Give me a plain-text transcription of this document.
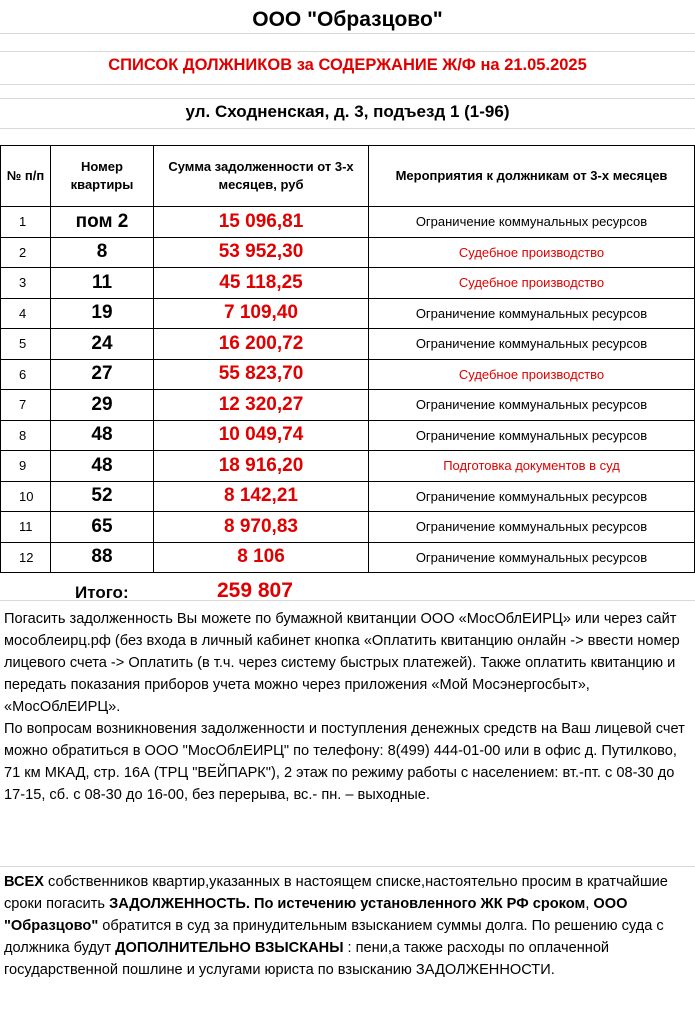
ООО "Образцово"
СПИСОК ДОЛЖНИКОВ за СОДЕРЖАНИЕ Ж/Ф на 21.05.2025
ул. Сходненская, д. 3, подъезд 1 (1-96)
№ п/п	Номер квартиры	Сумма задолженности от 3-х месяцев, руб	Мероприятия к должникам от 3-х месяцев
1	пом 2	15 096,81	Ограничение коммунальных ресурсов
2	8	53 952,30	Судебное производство
3	11	45 118,25	Судебное производство
4	19	7 109,40	Ограничение коммунальных ресурсов
5	24	16 200,72	Ограничение коммунальных ресурсов
6	27	55 823,70	Судебное производство
7	29	12 320,27	Ограничение коммунальных ресурсов
8	48	10 049,74	Ограничение коммунальных ресурсов
9	48	18 916,20	Подготовка документов в суд
10	52	8 142,21	Ограничение коммунальных ресурсов
11	65	8 970,83	Ограничение коммунальных ресурсов
12	88	8 106	Ограничение коммунальных ресурсов
Итого:	259 807

Погасить задолженность Вы можете по бумажной квитанции ООО «МосОблЕИРЦ» или через сайт мособлеирц.рф (без входа в личный кабинет кнопка «Оплатить квитанцию онлайн -> ввести номер лицевого счета -> Оплатить (в т.ч. через систему быстрых платежей). Также оплатить квитанцию и передать показания приборов учета можно через приложения «Мой Мосэнергосбыт», «МосОблЕИРЦ».

По вопросам возникновения задолженности и поступления денежных средств на Ваш лицевой счет можно обратиться в ООО "МосОблЕИРЦ" по телефону: 8(499) 444-01-00 или в офис д. Путилково, 71 км МКАД, стр. 16А (ТРЦ "ВЕЙПАРК"), 2 этаж по режиму работы с населением: вт.-пт. с 08-30 до 17-15, сб. с 08-30 до 16-00, без перерыва, вс.- пн. – выходные.

ВСЕХ собственников квартир,указанных в настоящем списке,настоятельно просим в кратчайшие сроки погасить ЗАДОЛЖЕННОСТЬ. По истечению установленного ЖК РФ сроком, ООО "Образцово" обратится в суд за принудительным взысканием суммы долга. По решению суда с должника будут ДОПОЛНИТЕЛЬНО ВЗЫСКАНЫ : пени,а также расходы по оплаченной государственной пошлине и услугами юриста по взысканию ЗАДОЛЖЕННОСТИ.
